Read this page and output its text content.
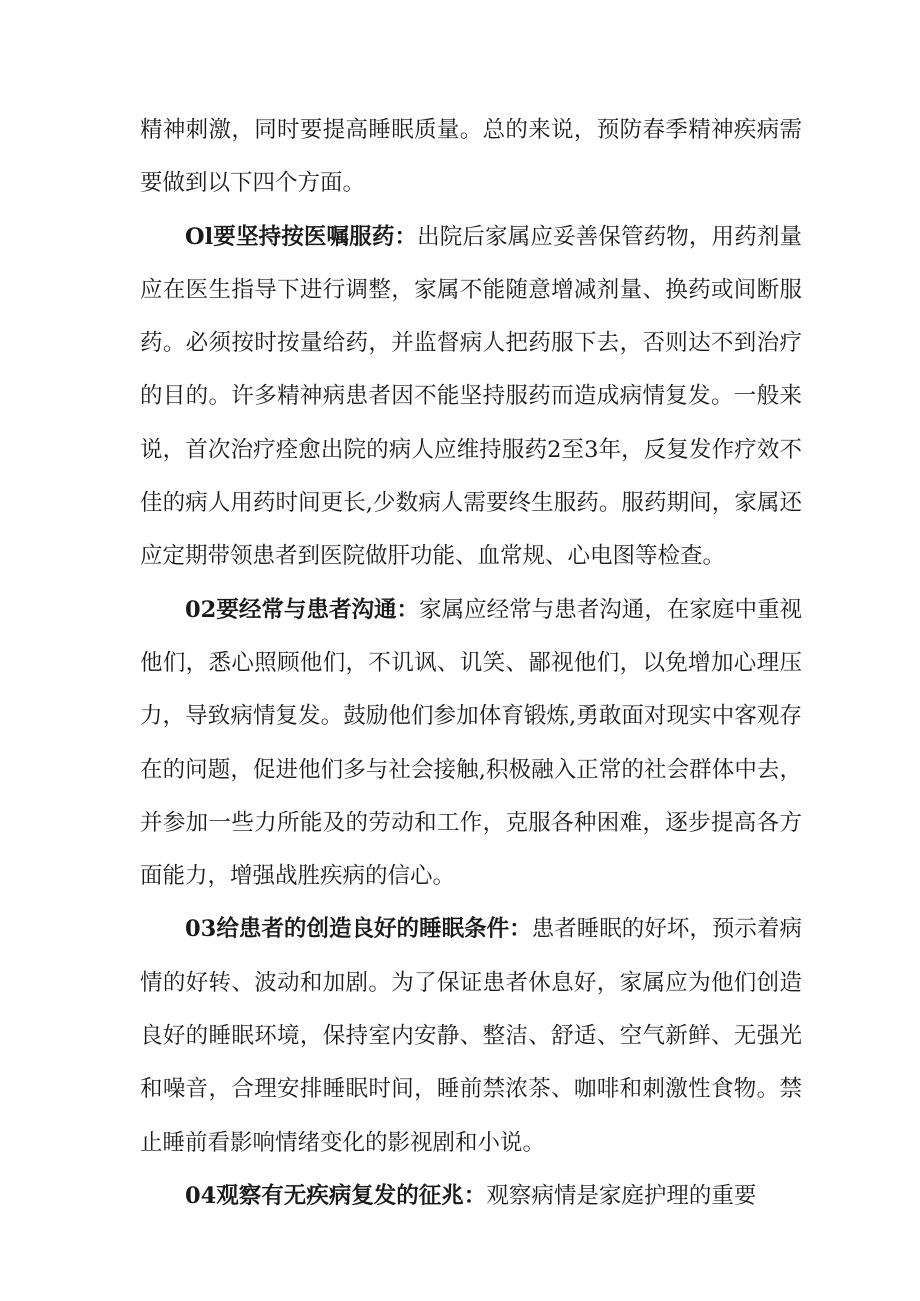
精神刺激，同时要提高睡眠质量。总的来说，预防春季精神疾病需要做到以下四个方面。

Ol要坚持按医嘱服药：出院后家属应妥善保管药物，用药剂量应在医生指导下进行调整，家属不能随意增减剂量、换药或间断服药。必须按时按量给药，并监督病人把药服下去，否则达不到治疗的目的。许多精神病患者因不能坚持服药而造成病情复发。一般来说，首次治疗痊愈出院的病人应维持服药2至3年，反复发作疗效不佳的病人用药时间更长,少数病人需要终生服药。服药期间，家属还应定期带领患者到医院做肝功能、血常规、心电图等检查。

02要经常与患者沟通：家属应经常与患者沟通，在家庭中重视他们，悉心照顾他们，不讥讽、讥笑、鄙视他们，以免增加心理压力，导致病情复发。鼓励他们参加体育锻炼,勇敢面对现实中客观存在的问题，促进他们多与社会接触,积极融入正常的社会群体中去，并参加一些力所能及的劳动和工作，克服各种困难，逐步提高各方面能力，增强战胜疾病的信心。

03给患者的创造良好的睡眠条件：患者睡眠的好坏，预示着病情的好转、波动和加剧。为了保证患者休息好，家属应为他们创造良好的睡眠环境，保持室内安静、整洁、舒适、空气新鲜、无强光和噪音，合理安排睡眠时间，睡前禁浓茶、咖啡和刺激性食物。禁止睡前看影响情绪变化的影视剧和小说。

04观察有无疾病复发的征兆：观察病情是家庭护理的重要
